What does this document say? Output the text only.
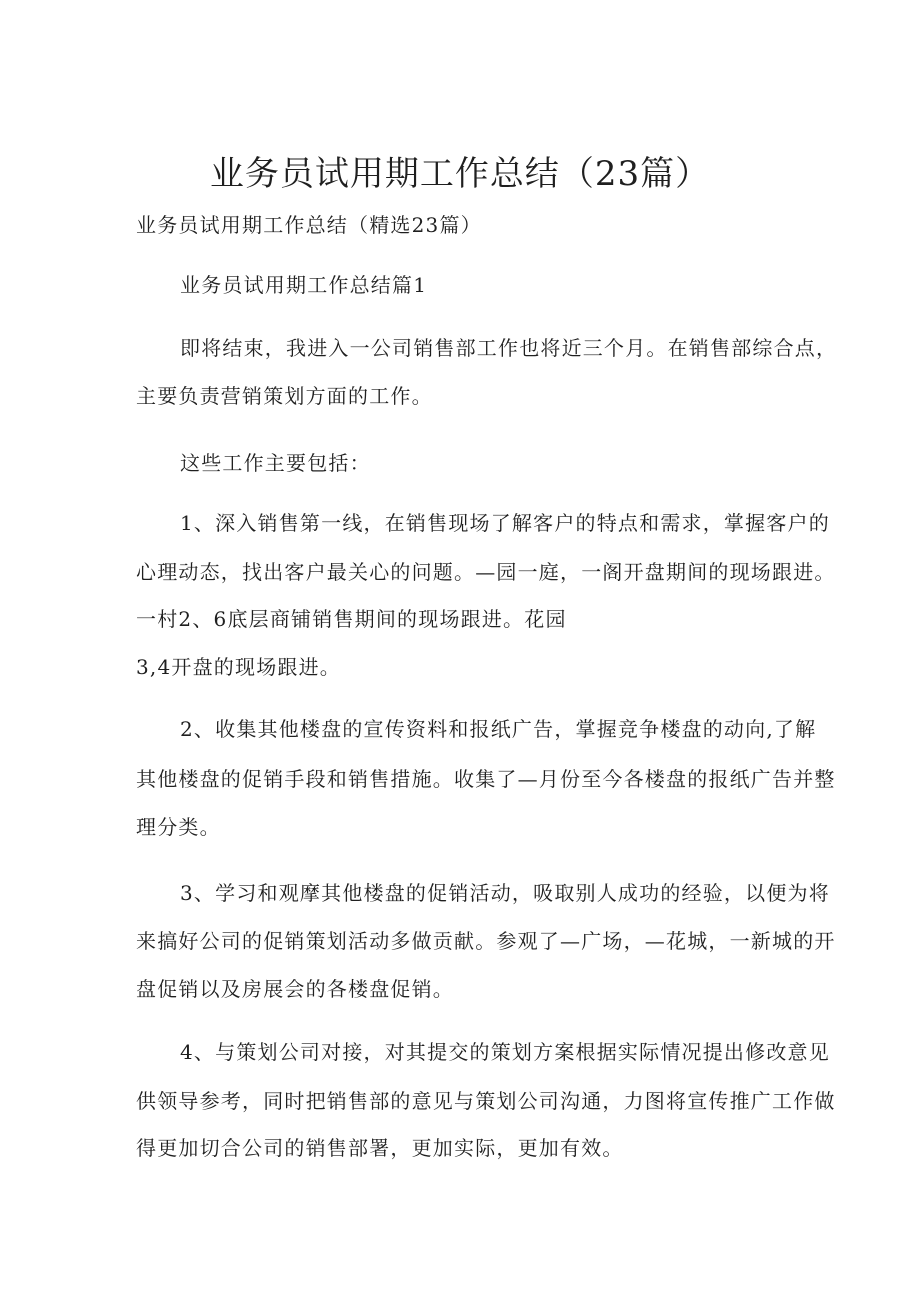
业务员试用期工作总结（23篇）
业务员试用期工作总结（精选23篇）
业务员试用期工作总结篇1
即将结束，我进入一公司销售部工作也将近三个月。在销售部综合点，
主要负责营销策划方面的工作。
这些工作主要包括：
1、深入销售第一线，在销售现场了解客户的特点和需求，掌握客户的
心理动态，找出客户最关心的问题。—园一庭，一阁开盘期间的现场跟进。
一村2、6底层商铺销售期间的现场跟进。花园
3,4开盘的现场跟进。
2、收集其他楼盘的宣传资料和报纸广告，掌握竞争楼盘的动向,了解
其他楼盘的促销手段和销售措施。收集了—月份至今各楼盘的报纸广告并整
理分类。
3、学习和观摩其他楼盘的促销活动，吸取别人成功的经验，以便为将
来搞好公司的促销策划活动多做贡献。参观了—广场，—花城，一新城的开
盘促销以及房展会的各楼盘促销。
4、与策划公司对接，对其提交的策划方案根据实际情况提出修改意见
供领导参考，同时把销售部的意见与策划公司沟通，力图将宣传推广工作做
得更加切合公司的销售部署，更加实际，更加有效。
